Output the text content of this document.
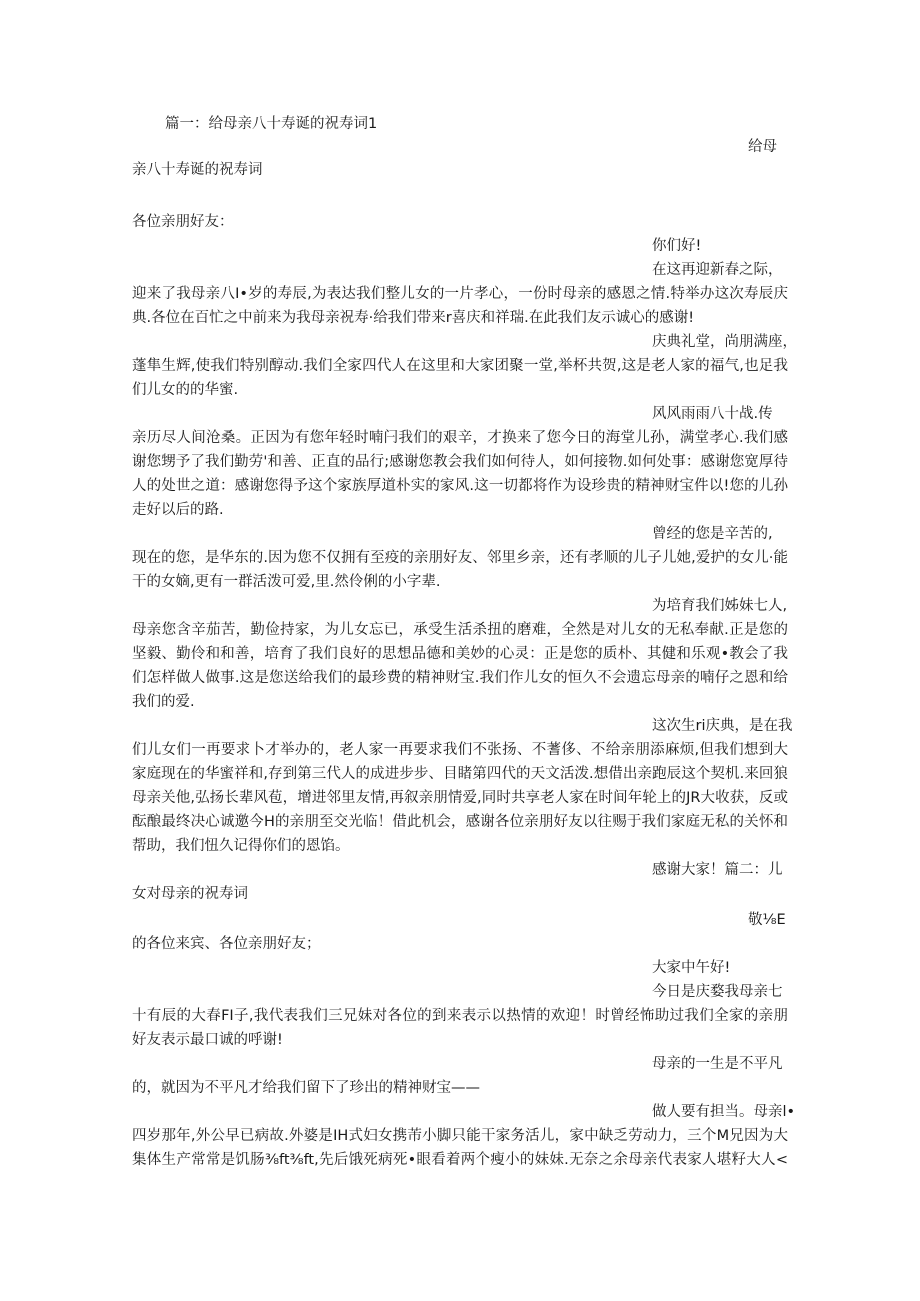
篇一：给母亲八十寿诞的祝寿词1
给母
亲八十寿诞的祝寿词
各位亲朋好友：
你们好!
在这再迎新春之际，
迎来了我母亲八I•岁的寿辰,为表达我们整儿女的一片孝心，一份时母亲的感恩之情.特举办这次寿辰庆
典.各位在百忙之中前来为我母亲祝寿·给我们带来r喜庆和祥瑞.在此我们友示诚心的感谢!
庆典礼堂，尚朋满座，
蓬隼生辉,使我们特别醇动.我们全家四代人在这里和大家团聚一堂,举杯共贺,这是老人家的福气,也足我
们儿女的的华蜜.
风风雨雨八十战.传
亲历尽人间沧桑。正因为有您年轻时喃闩我们的艰辛，才换来了您今日的海堂儿孙，满堂孝心.我们感
谢您甥予了我们勤劳'和善、正直的品行;感谢您教会我们如何待人，如何接物.如何处事：感谢您宽厚待
人的处世之道：感谢您得予这个家族厚道朴实的家风.这一切都将作为设珍贵的精神财宝件以!您的儿孙
走好以后的路.
曾经的您是辛苦的,
现在的您，是华东的.因为您不仅拥有至疫的亲朋好友、邻里乡亲，还有孝顺的儿子儿她,爱护的女儿·能
干的女嫡,更有一群活泼可爱,里.然伶俐的小字辈.
为培育我们姊妹七人,
母亲您含辛茄苦，勤俭持家，为儿女忘已，承受生活杀扭的磨难，全然是对儿女的无私奉献.正是您的
坚毅、勤伶和和善，培育了我们良好的思想品德和美妙的心灵：正是您的质朴、其健和乐观•教会了我
们怎样做人做事.这是您送给我们的最珍费的精神财宝.我们作儿女的恒久不会遗忘母亲的喃仔之恩和给
我们的爱.
这次生ri庆典，是在我
们儿女们一再要求卜才举办的，老人家一再要求我们不张扬、不蓍侈、不给亲朋添麻烦,但我们想到大
家庭现在的华蜜祥和,存到第三代人的成进步步、目睹第四代的天文活泼.想借出亲跑辰这个契机.来回狼
母亲关他,弘扬长辈风苞，增进邻里友情,再叙亲朋情爱,同时共享老人家在时间年轮上的JR大收获，反或
酝酿最终决心诚邀今H的亲朋至交光临！借此机会，感谢各位亲朋好友以往赐于我们家庭无私的关怀和
帮助，我们忸久记得你们的恩馅。
感谢大家！篇二：儿
女对母亲的祝寿词
敬⅛E
的各位来宾、各位亲朋好友；
大家中午好!
今日是庆婺我母亲七
十有辰的大春FI子,我代表我们三兄妹对各位的到来表示以热情的欢迎！时曾经怖助过我们全家的亲朋
好友表示最口诚的呼谢!
母亲的一生是不平凡
的，就因为不平凡才给我们留下了珍出的精神财宝——
做人要有担当。母亲l•
四岁那年,外公早已病故.外婆是IH式妇女携芾小脚只能干家务活儿，家中缺乏劳动力，三个M兄因为大
集体生产常常是饥肠⅜ft⅜ft,先后饿死病死•眼看着两个瘦小的妹妹.无奈之余母亲代表家人堪籽大人<
